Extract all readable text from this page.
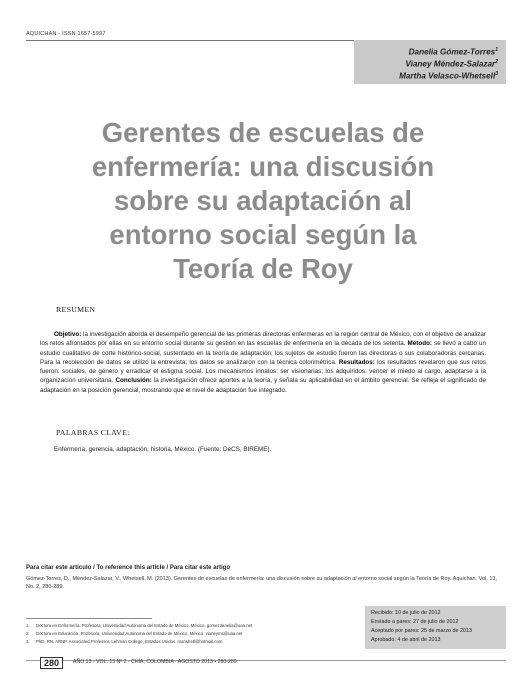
AQUICHAN - ISSN 1657-5997
Danelia Gómez-Torres$^1$
Vianey Méndez-Salazar$^2$
Martha Velasco-Whetsell$^3$
Gerentes de escuelas de
enfermería: una discusión
sobre su adaptación al
entorno social según la
Teoría de Roy
RESUMEN

Objetivo: la investigación aborda el desempeño gerencial de las primeras directoras enfermeras en la región central de México, con el objetivo de analizar los retos afrontados por ellas en su entorno social durante su gestión en las escuelas de enfermería en la década de los setenta. Método: se llevó a cabo un estudio cualitativo de corte histórico-social, sustentado en la teoría de adaptación; los sujetos de estudio fueron las directoras o sus colaboradoras cercanas. Para la recolección de datos se utilizó la entrevista; los datos se analizaron con la técnica colorimétrica. Resultados: los resultados revelaron que sus retos fueron: sociales, de género y erradicar el estigma social. Los mecanismos innatos: ser visionarias; los adquiridos: vencer el miedo al cargo, adaptarse a la organización universitaria. Conclusión: la investigación ofrece aportes a la teoría, y señala su aplicabilidad en el ámbito gerencial. Se refleja el significado de adaptación en la posición gerencial, mostrando que el nivel de adaptación fue integrado.

PALABRAS CLAVE:
Enfermería, gerencia, adaptación, historia, México. (Fuente: DeCS, BIREME).
Para citar este artículo / To reference this article / Para citar este artigo
Gómez-Torres, D., Méndez-Salazar, V., Whetsell, M. (2013). Gerentes de escuelas de enfermería: una discusión sobre su adaptación al entorno social según la Teoría de Roy. Aquichan. Vol. 13, No. 2, 280-289.
Recibido: 10 de julio de 2012
Enviado a pares: 27 de julio de 2012
Aceptado por pares: 25 de marzo de 2013
Aprobado: 4 de abril de 2013
1 Doctora en Enfermería. Profesora, Universidad Autónoma del Estado de México, México. gomezdanelia@uaa.net
2 Doctora en Educación. Profesora, Universidad Autónoma del Estado de México, México. vianeyms@uaa.net
3 PhD, RN, ARNP. Associated Professor, Lehman College, Estados Unidos. marwhetl@hotmail.com
280	AÑO 13 - VOL. 13 Nº 2 - CHÍA, COLOMBIA - AGOSTO 2013 • 280-289
